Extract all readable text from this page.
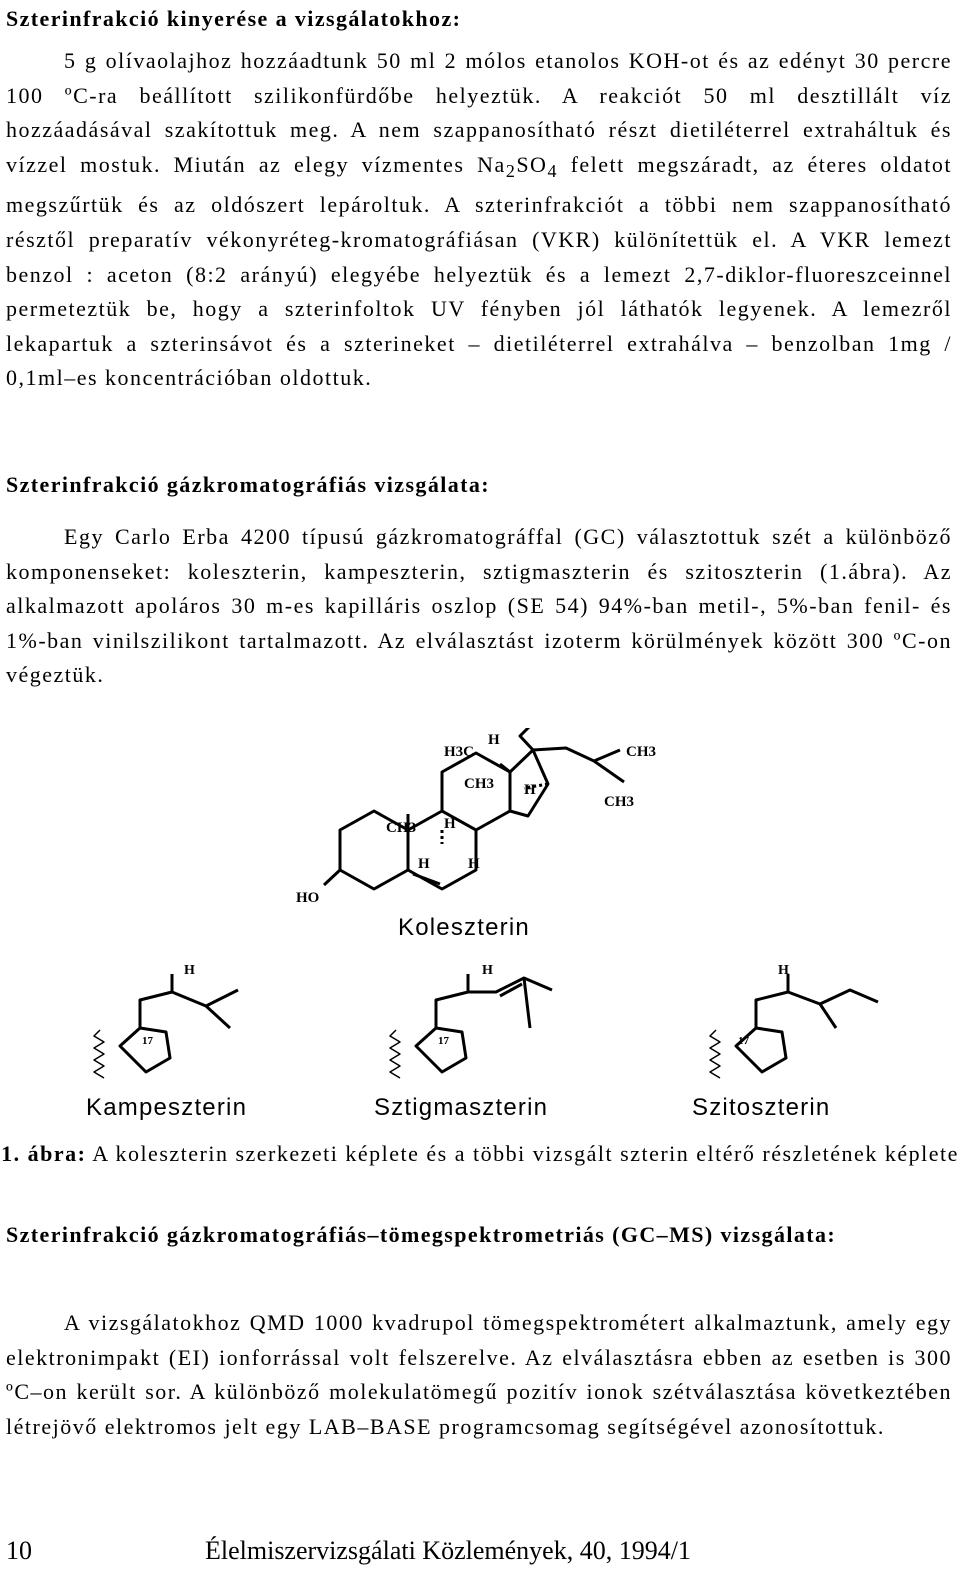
Szterinfrakció kinyerése a vizsgálatokhoz:

5 g olívaolajhoz hozzáadtunk 50 ml 2 mólos etanolos KOH-ot és az edényt 30 percre 100 ºC-ra beállított szilikonfürdőbe helyeztük. A reakciót 50 ml desztillált víz hozzáadásával szakítottuk meg. A nem szappanosítható részt dietiléterrel extraháltuk és vízzel mostuk. Miután az elegy vízmentes $Na_2SO_4$ felett megszáradt, az éteres oldatot megszűrtük és az oldószert lepároltuk. A szterinfrakciót a többi nem szappanosítható résztől preparatív vékonyréteg-kromatográfiásan (VKR) különítettük el. A VKR lemezt benzol : aceton (8:2 arányú) elegyébe helyeztük és a lemezt 2,7-diklor-fluoreszceinnel permeteztük be, hogy a szterinfoltok UV fényben jól láthatók legyenek. A lemezről lekapartuk a szterinsávot és a szterineket – dietiléterrel extrahálva – benzolban 1mg / 0,1ml–es koncentrációban oldottuk.

Szterinfrakció gázkromatográfiás vizsgálata:

Egy Carlo Erba 4200 típusú gázkromatográffal (GC) választottuk szét a különböző komponenseket: koleszterin, kampeszterin, sztigmaszterin és szitoszterin (1.ábra). Az alkalmazott apoláros 30 m-es kapilláris oszlop (SE 54) 94%-ban metil-, 5%-ban fenil- és 1%-ban vinilszilikont tartalmazott. Az elválasztást izoterm körülmények között 300 ºC-on végeztük.

H3C
H
CH3
CH3 H
CH3
CH3 H
H	H
HO
H	H	H
17	17	17
Koleszterin
Kampeszterin	Sztigmaszterin	Szitoszterin
1. ábra: A koleszterin szerkezeti képlete és a többi vizsgált szterin eltérő részletének képlete
Szterinfrakció gázkromatográfiás–tömegspektrometriás (GC–MS) vizsgálata:

A vizsgálatokhoz QMD 1000 kvadrupol tömegspektrométert alkalmaztunk, amely egy elektronimpakt (EI) ionforrással volt felszerelve. Az elválasztásra ebben az esetben is 300 ºC–on került sor. A különböző molekulatömegű pozitív ionok szétválasztása következtében létrejövő elektromos jelt egy LAB–BASE programcsomag segítségével azonosítottuk.

10	Élelmiszervizsgálati Közlemények, 40, 1994/1
